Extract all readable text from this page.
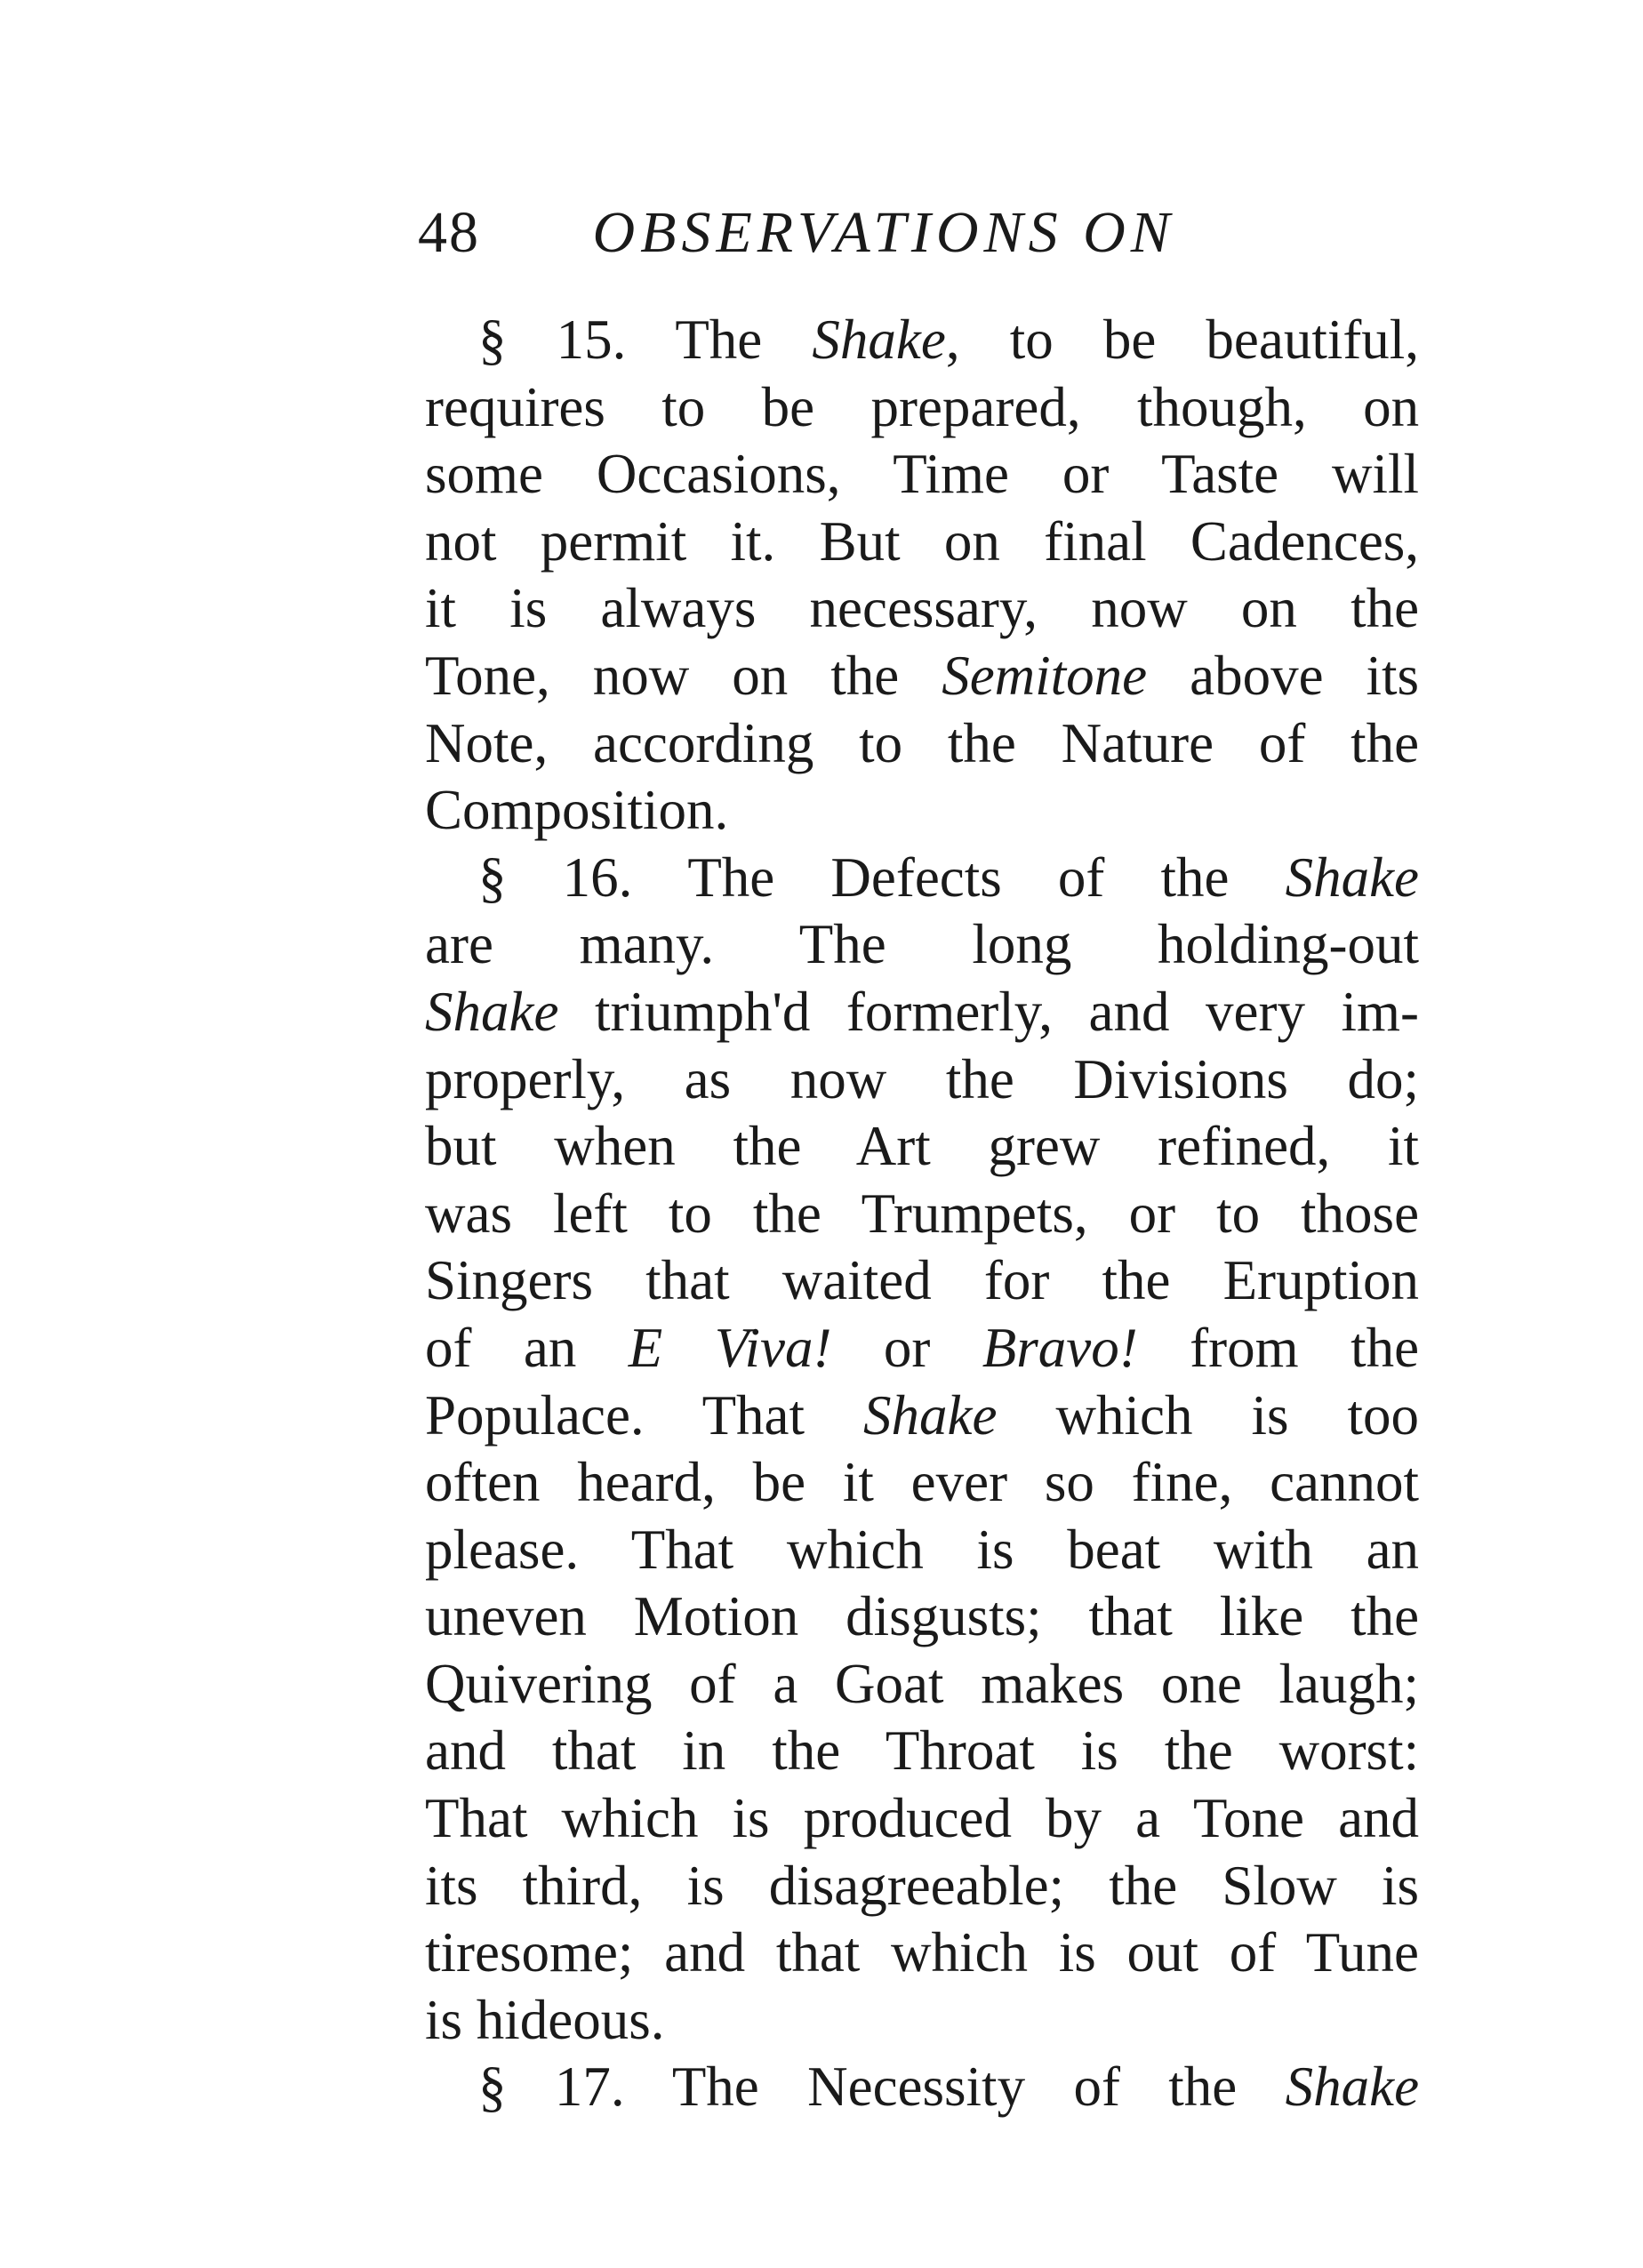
48 OBSERVATIONS ON
§ 15. The Shake, to be beautiful,
requires to be prepared, though, on
some Occasions, Time or Taste will
not permit it. But on final Cadences,
it is always necessary, now on the
Tone, now on the Semitone above its
Note, according to the Nature of the
Composition.
§ 16. The Defects of the Shake
are many. The long holding-out
Shake triumph'd formerly, and very im-
properly, as now the Divisions do;
but when the Art grew refined, it
was left to the Trumpets, or to those
Singers that waited for the Eruption
of an E Viva! or Bravo! from the
Populace. That Shake which is too
often heard, be it ever so fine, cannot
please. That which is beat with an
uneven Motion disgusts; that like the
Quivering of a Goat makes one laugh;
and that in the Throat is the worst:
That which is produced by a Tone and
its third, is disagreeable; the Slow is
tiresome; and that which is out of Tune
is hideous.
§ 17. The Necessity of the Shake
